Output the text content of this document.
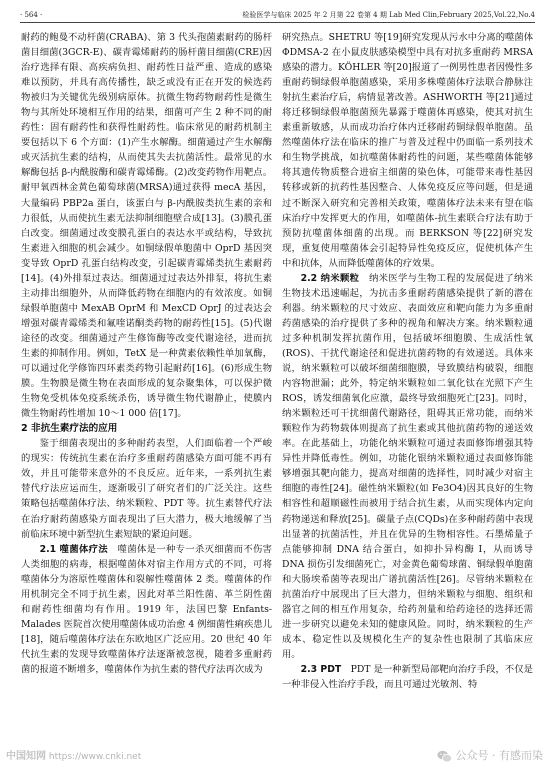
· 564 ·	检验医学与临床 2025 年 2 月第 22 卷第 4 期 Lab Med Clin,February 2025,Vol.22,No.4

耐药的鲍曼不动杆菌(CRABA)、第 3 代头孢菌素耐药的肠杆菌目细菌(3GCR-E)、碳青霉烯耐药的肠杆菌目细菌(CRE)因治疗选择有限、高疾病负担、耐药性日益严重、造成的感染难以预防，并具有高传播性，缺乏或没有正在开发的候选药物被归为关键优先级别病原体。抗微生物药物耐药性是微生物与其所处环境相互作用的结果，细菌可产生 2 种不同的耐药性：固有耐药性和获得性耐药性。临床常见的耐药机制主要包括以下 6 个方面：(1)产生水解酶。细菌通过产生水解酶或灭活抗生素的结构，从而使其失去抗菌活性。最常见的水解酶包括 β-内酰胺酶和碳青霉烯酶。(2)改变药物作用靶点。耐甲氧西林金黄色葡萄球菌(MRSA)通过获得 mecA 基因，大量编码 PBP2a 蛋白，该蛋白与 β-内酰胺类抗生素的亲和力很低，从而使抗生素无法抑制细胞壁合成[13]。(3)膜孔蛋白改变。细菌通过改变膜孔蛋白的表达水平或结构，导致抗生素进入细胞的机会减少。如铜绿假单胞菌中 OprD 基因突变导致 OprD 孔蛋白结构改变，引起碳青霉烯类抗生素耐药[14]。(4)外排泵过表达。细菌通过过表达外排泵，将抗生素主动排出细胞外，从而降低药物在细胞内的有效浓度。如铜绿假单胞菌中 MexAB OprM 和 MexCD OprJ 的过表达会增强对碳青霉烯类和氟喹诺酮类药物的耐药性[15]。(5)代谢途径的改变。细菌通过产生修饰酶等改变代谢途径，进而抗生素的抑制作用。例如，TetX 是一种黄素依赖性单加氧酶，可以通过化学修饰四环素类药物引起耐药[16]。(6)形成生物膜。生物膜是微生物在表面形成的复杂聚集体，可以保护微生物免受机体免疫系统杀伤，诱导微生物代谢静止，使膜内微生物耐药性增加 10～1 000 倍[17]。

2 非抗生素疗法的应用

鉴于细菌表现出的多种耐药表型，人们面临着一个严峻的现实：传统抗生素在治疗多重耐药菌感染方面可能不再有效，并且可能带来意外的不良反应。近年来，一系列抗生素替代疗法应运而生，逐渐吸引了研究者们的广泛关注。这些策略包括噬菌体疗法、纳米颗粒、PDT 等。抗生素替代疗法在治疗耐药菌感染方面表现出了巨大潜力，极大地缓解了当前临床环境中新型抗生素短缺的紧迫问题。

2.1 噬菌体疗法  噬菌体是一种专一杀灭细菌而不伤害人类细胞的病毒，根据噬菌体对宿主作用方式的不同，可将噬菌体分为溶原性噬菌体和裂解性噬菌体 2 类。噬菌体的作用机制完全不同于抗生素，因此对革兰阳性菌、革兰阴性菌和耐药性细菌均有作用。1919 年，法国巴黎 Enfants-Malades 医院首次使用噬菌体成功治愈 4 例细菌性痢疾患儿[18]，随后噬菌体疗法在东欧地区广泛应用。20 世纪 40 年代抗生素的发现导致噬菌体疗法逐渐被忽视，随着多重耐药菌的报道不断增多，噬菌体作为抗生素的替代疗法再次成为

研究热点。SHETRU 等[19]研究发现从污水中分离的噬菌体 ΦDMSA-2 在小鼠皮肤感染模型中具有对抗多重耐药 MRSA 感染的潜力。KÖHLER 等[20]报道了一例男性患者因慢性多重耐药铜绿假单胞菌感染，采用多株噬菌体疗法联合静脉注射抗生素治疗后，病情显著改善。ASHWORTH 等[21]通过将迁移铜绿假单胞菌预先暴露于噬菌体再感染，使其对抗生素重新敏感，从而成功治疗体内迁移耐药铜绿假单胞菌。虽然噬菌体疗法在临床的推广与普及过程中仍面临一系列技术和生物学挑战，如抗噬菌体耐药性的问题，某些噬菌体能够将其遗传物质整合进宿主细菌的染色体，可能带来毒性基因转移或新的抗药性基因整合、人体免疫反应等问题，但是通过不断深入研究和完善相关政策，噬菌体疗法未来有望在临床治疗中发挥更大的作用，如噬菌体-抗生素联合疗法有助于预防抗噬菌体细菌的出现。而 BERKSON 等[22]研究发现，重复使用噬菌体会引起特异性免疫反应，促使机体产生中和抗体，从而降低噬菌体的疗效果。

2.2 纳米颗粒  纳米医学与生物工程的发展促进了纳米生物技术迅速崛起，为抗击多重耐药菌感染提供了新的潜在利器。纳米颗粒的尺寸效应、表面效应和靶向能力为多重耐药菌感染的治疗提供了多种的视角和解决方案。纳米颗粒通过多种机制发挥抗菌作用，包括破坏细胞膜、生成活性氧(ROS)、干扰代谢途径和促进抗菌药物的有效递送。具体来说，纳米颗粒可以破坏细菌细胞膜，导致膜结构破裂，细胞内容物泄漏；此外，特定纳米颗粒如二氧化钛在光照下产生 ROS，诱发细菌氧化应激，最终导致细胞死亡[23]。同时，纳米颗粒还可干扰细菌代谢路径，阻碍其正常功能，而纳米颗粒作为药物载体则提高了抗生素或其他抗菌药物的递送效率。在此基础上，功能化纳米颗粒可通过表面修饰增强其特异性并降低毒性。例如，功能化银纳米颗粒通过表面修饰能够增强其靶向能力，提高对细菌的选择性，同时减少对宿主细胞的毒性[24]。磁性纳米颗粒(如 Fe3O4)因其良好的生物相容性和超顺磁性而被用于结合抗生素，从而实现体内定向药物递送和释放[25]。碳量子点(CQDs)在多种耐药菌中表现出显著的抗菌活性，并且在优异的生物相容性。石墨烯量子点能够抑制 DNA 结合蛋白，如抑扑异构酶 I，从而诱导 DNA 损伤引发细菌死亡，对金黄色葡萄球菌、铜绿假单胞菌和大肠埃希菌等表现出广谱抗菌活性[26]。尽管纳米颗粒在抗菌治疗中展现出了巨大潜力，但纳米颗粒与细胞、组织和器官之间的相互作用复杂，给药剂量和给药途径的选择还需进一步研究以避免未知的健康风险。同时，纳米颗粒的生产成本、稳定性以及规模化生产的复杂性也限制了其临床应用。

2.3 PDT  PDT 是一种新型局部靶向治疗手段，不仅是一种非侵入性治疗手段，而且可通过光敏剂、特

中国知网 https://www.cnki.net	公众号 · 有感而染
